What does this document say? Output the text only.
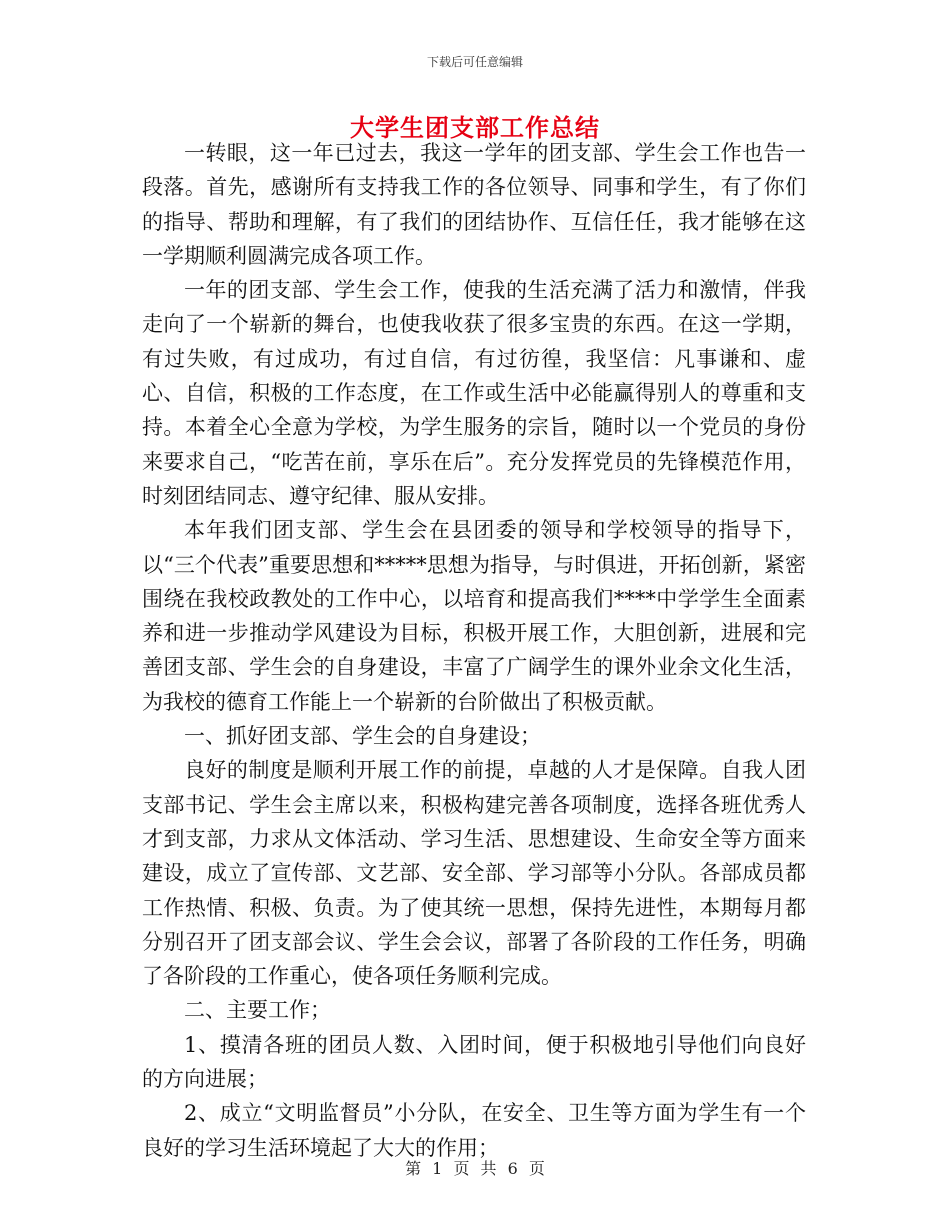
下载后可任意编辑
大学生团支部工作总结

一转眼，这一年已过去，我这一学年的团支部、学生会工作也告一段落。首先，感谢所有支持我工作的各位领导、同事和学生，有了你们的指导、帮助和理解，有了我们的团结协作、互信任任，我才能够在这一学期顺利圆满完成各项工作。

一年的团支部、学生会工作，使我的生活充满了活力和激情，伴我走向了一个崭新的舞台，也使我收获了很多宝贵的东西。在这一学期，有过失败，有过成功，有过自信，有过彷徨，我坚信：凡事谦和、虚心、自信，积极的工作态度，在工作或生活中必能赢得别人的尊重和支持。本着全心全意为学校，为学生服务的宗旨，随时以一个党员的身份来要求自己，“吃苦在前，享乐在后”。充分发挥党员的先锋模范作用，时刻团结同志、遵守纪律、服从安排。

本年我们团支部、学生会在县团委的领导和学校领导的指导下，以“三个代表”重要思想和*****思想为指导，与时俱进，开拓创新，紧密围绕在我校政教处的工作中心，以培育和提高我们****中学学生全面素养和进一步推动学风建设为目标，积极开展工作，大胆创新，进展和完善团支部、学生会的自身建设，丰富了广阔学生的课外业余文化生活，为我校的德育工作能上一个崭新的台阶做出了积极贡献。

一、抓好团支部、学生会的自身建设；

良好的制度是顺利开展工作的前提，卓越的人才是保障。自我人团支部书记、学生会主席以来，积极构建完善各项制度，选择各班优秀人才到支部，力求从文体活动、学习生活、思想建设、生命安全等方面来建设，成立了宣传部、文艺部、安全部、学习部等小分队。各部成员都工作热情、积极、负责。为了使其统一思想，保持先进性，本期每月都分别召开了团支部会议、学生会会议，部署了各阶段的工作任务，明确了各阶段的工作重心，使各项任务顺利完成。

二、主要工作；

1、摸清各班的团员人数、入团时间，便于积极地引导他们向良好的方向进展；

2、成立“文明监督员”小分队，在安全、卫生等方面为学生有一个良好的学习生活环境起了大大的作用；

第 1 页 共 6 页
